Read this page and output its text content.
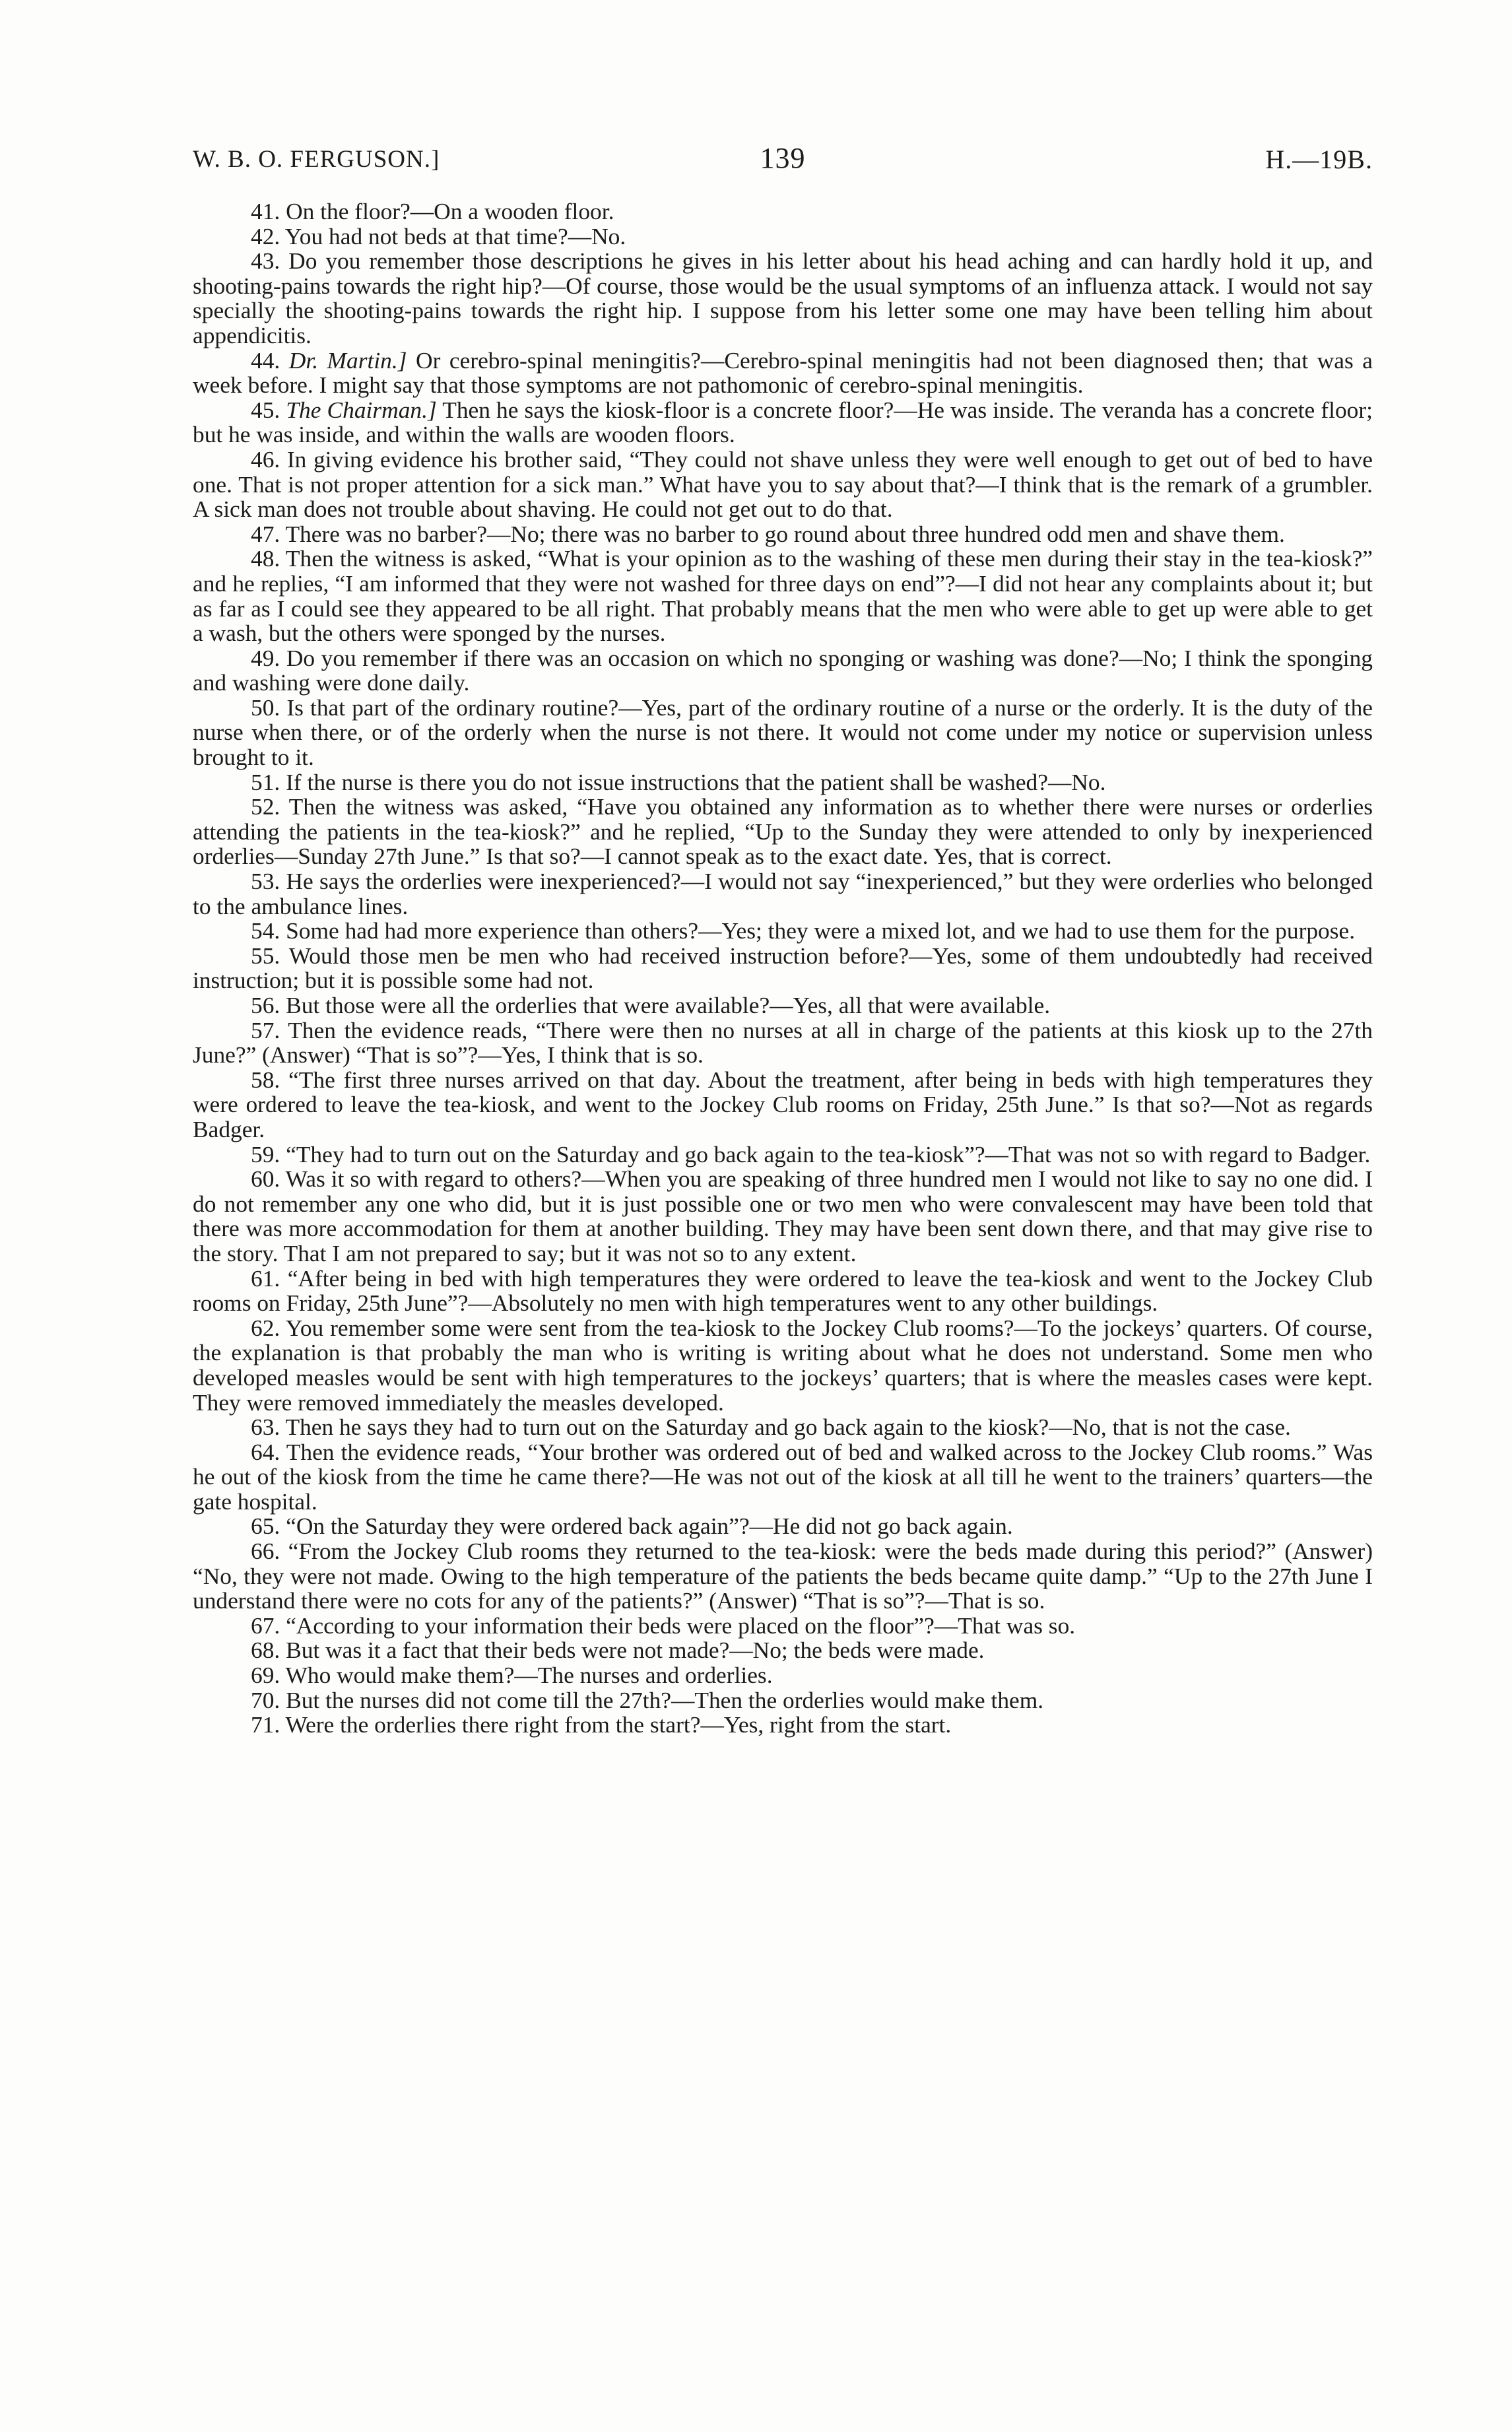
W. B. O. FERGUSON.]	139	H.—19B.

41. On the floor?—On a wooden floor.

42. You had not beds at that time?—No.

43. Do you remember those descriptions he gives in his letter about his head aching and can hardly hold it up, and shooting-pains towards the right hip?—Of course, those would be the usual symptoms of an influenza attack. I would not say specially the shooting-pains towards the right hip. I suppose from his letter some one may have been telling him about appendicitis.

44. Dr. Martin.] Or cerebro-spinal meningitis?—Cerebro-spinal meningitis had not been diagnosed then; that was a week before. I might say that those symptoms are not pathomonic of cerebro-spinal meningitis.

45. The Chairman.] Then he says the kiosk-floor is a concrete floor?—He was inside. The veranda has a concrete floor; but he was inside, and within the walls are wooden floors.

46. In giving evidence his brother said, “They could not shave unless they were well enough to get out of bed to have one. That is not proper attention for a sick man.” What have you to say about that?—I think that is the remark of a grumbler. A sick man does not trouble about shaving. He could not get out to do that.

47. There was no barber?—No; there was no barber to go round about three hundred odd men and shave them.

48. Then the witness is asked, “What is your opinion as to the washing of these men during their stay in the tea-kiosk?” and he replies, “I am informed that they were not washed for three days on end”?—I did not hear any complaints about it; but as far as I could see they appeared to be all right. That probably means that the men who were able to get up were able to get a wash, but the others were sponged by the nurses.

49. Do you remember if there was an occasion on which no sponging or washing was done?—No; I think the sponging and washing were done daily.

50. Is that part of the ordinary routine?—Yes, part of the ordinary routine of a nurse or the orderly. It is the duty of the nurse when there, or of the orderly when the nurse is not there. It would not come under my notice or supervision unless brought to it.

51. If the nurse is there you do not issue instructions that the patient shall be washed?—No.

52. Then the witness was asked, “Have you obtained any information as to whether there were nurses or orderlies attending the patients in the tea-kiosk?” and he replied, “Up to the Sunday they were attended to only by inexperienced orderlies—Sunday 27th June.” Is that so?—I cannot speak as to the exact date. Yes, that is correct.

53. He says the orderlies were inexperienced?—I would not say “inexperienced,” but they were orderlies who belonged to the ambulance lines.

54. Some had had more experience than others?—Yes; they were a mixed lot, and we had to use them for the purpose.

55. Would those men be men who had received instruction before?—Yes, some of them undoubtedly had received instruction; but it is possible some had not.

56. But those were all the orderlies that were available?—Yes, all that were available.

57. Then the evidence reads, “There were then no nurses at all in charge of the patients at this kiosk up to the 27th June?” (Answer) “That is so”?—Yes, I think that is so.

58. “The first three nurses arrived on that day. About the treatment, after being in beds with high temperatures they were ordered to leave the tea-kiosk, and went to the Jockey Club rooms on Friday, 25th June.” Is that so?—Not as regards Badger.

59. “They had to turn out on the Saturday and go back again to the tea-kiosk”?—That was not so with regard to Badger.

60. Was it so with regard to others?—When you are speaking of three hundred men I would not like to say no one did. I do not remember any one who did, but it is just possible one or two men who were convalescent may have been told that there was more accommodation for them at another building. They may have been sent down there, and that may give rise to the story. That I am not prepared to say; but it was not so to any extent.

61. “After being in bed with high temperatures they were ordered to leave the tea-kiosk and went to the Jockey Club rooms on Friday, 25th June”?—Absolutely no men with high temperatures went to any other buildings.

62. You remember some were sent from the tea-kiosk to the Jockey Club rooms?—To the jockeys’ quarters. Of course, the explanation is that probably the man who is writing is writing about what he does not understand. Some men who developed measles would be sent with high temperatures to the jockeys’ quarters; that is where the measles cases were kept. They were removed immediately the measles developed.

63. Then he says they had to turn out on the Saturday and go back again to the kiosk?—No, that is not the case.

64. Then the evidence reads, “Your brother was ordered out of bed and walked across to the Jockey Club rooms.” Was he out of the kiosk from the time he came there?—He was not out of the kiosk at all till he went to the trainers’ quarters—the gate hospital.

65. “On the Saturday they were ordered back again”?—He did not go back again.

66. “From the Jockey Club rooms they returned to the tea-kiosk: were the beds made during this period?” (Answer) “No, they were not made. Owing to the high temperature of the patients the beds became quite damp.” “Up to the 27th June I understand there were no cots for any of the patients?” (Answer) “That is so”?—That is so.

67. “According to your information their beds were placed on the floor”?—That was so.

68. But was it a fact that their beds were not made?—No; the beds were made.

69. Who would make them?—The nurses and orderlies.

70. But the nurses did not come till the 27th?—Then the orderlies would make them.

71. Were the orderlies there right from the start?—Yes, right from the start.
